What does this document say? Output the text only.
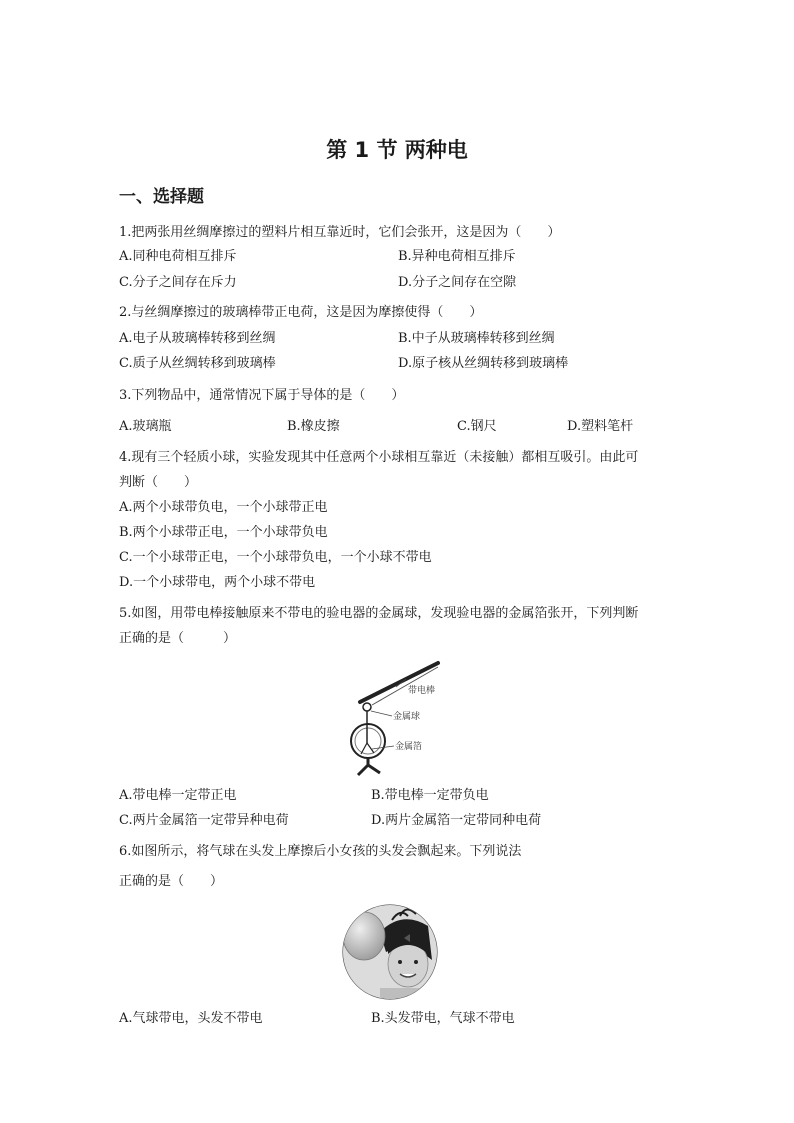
第 1 节 两种电
一、选择题
1.把两张用丝绸摩擦过的塑料片相互靠近时，它们会张开，这是因为（　　）
A.同种电荷相互排斥	B.异种电荷相互排斥
C.分子之间存在斥力	D.分子之间存在空隙
2.与丝绸摩擦过的玻璃棒带正电荷，这是因为摩擦使得（　　）
A.电子从玻璃棒转移到丝绸	B.中子从玻璃棒转移到丝绸
C.质子从丝绸转移到玻璃棒	D.原子核从丝绸转移到玻璃棒
3.下列物品中，通常情况下属于导体的是（　　）
A.玻璃瓶	B.橡皮擦	C.钢尺	D.塑料笔杆
4.现有三个轻质小球，实验发现其中任意两个小球相互靠近（未接触）都相互吸引。由此可
判断（　　）
A.两个小球带负电，一个小球带正电
B.两个小球带正电，一个小球带负电
C.一个小球带正电，一个小球带负电，一个小球不带电
D.一个小球带电，两个小球不带电
5.如图，用带电棒接触原来不带电的验电器的金属球，发现验电器的金属箔张开，下列判断
正确的是（　　　）
带电棒
金属球
金属箔
A.带电棒一定带正电	B.带电棒一定带负电
C.两片金属箔一定带异种电荷	D.两片金属箔一定带同种电荷
6.如图所示，将气球在头发上摩擦后小女孩的头发会飘起来。下列说法
正确的是（　　）
A.气球带电，头发不带电	B.头发带电，气球不带电
